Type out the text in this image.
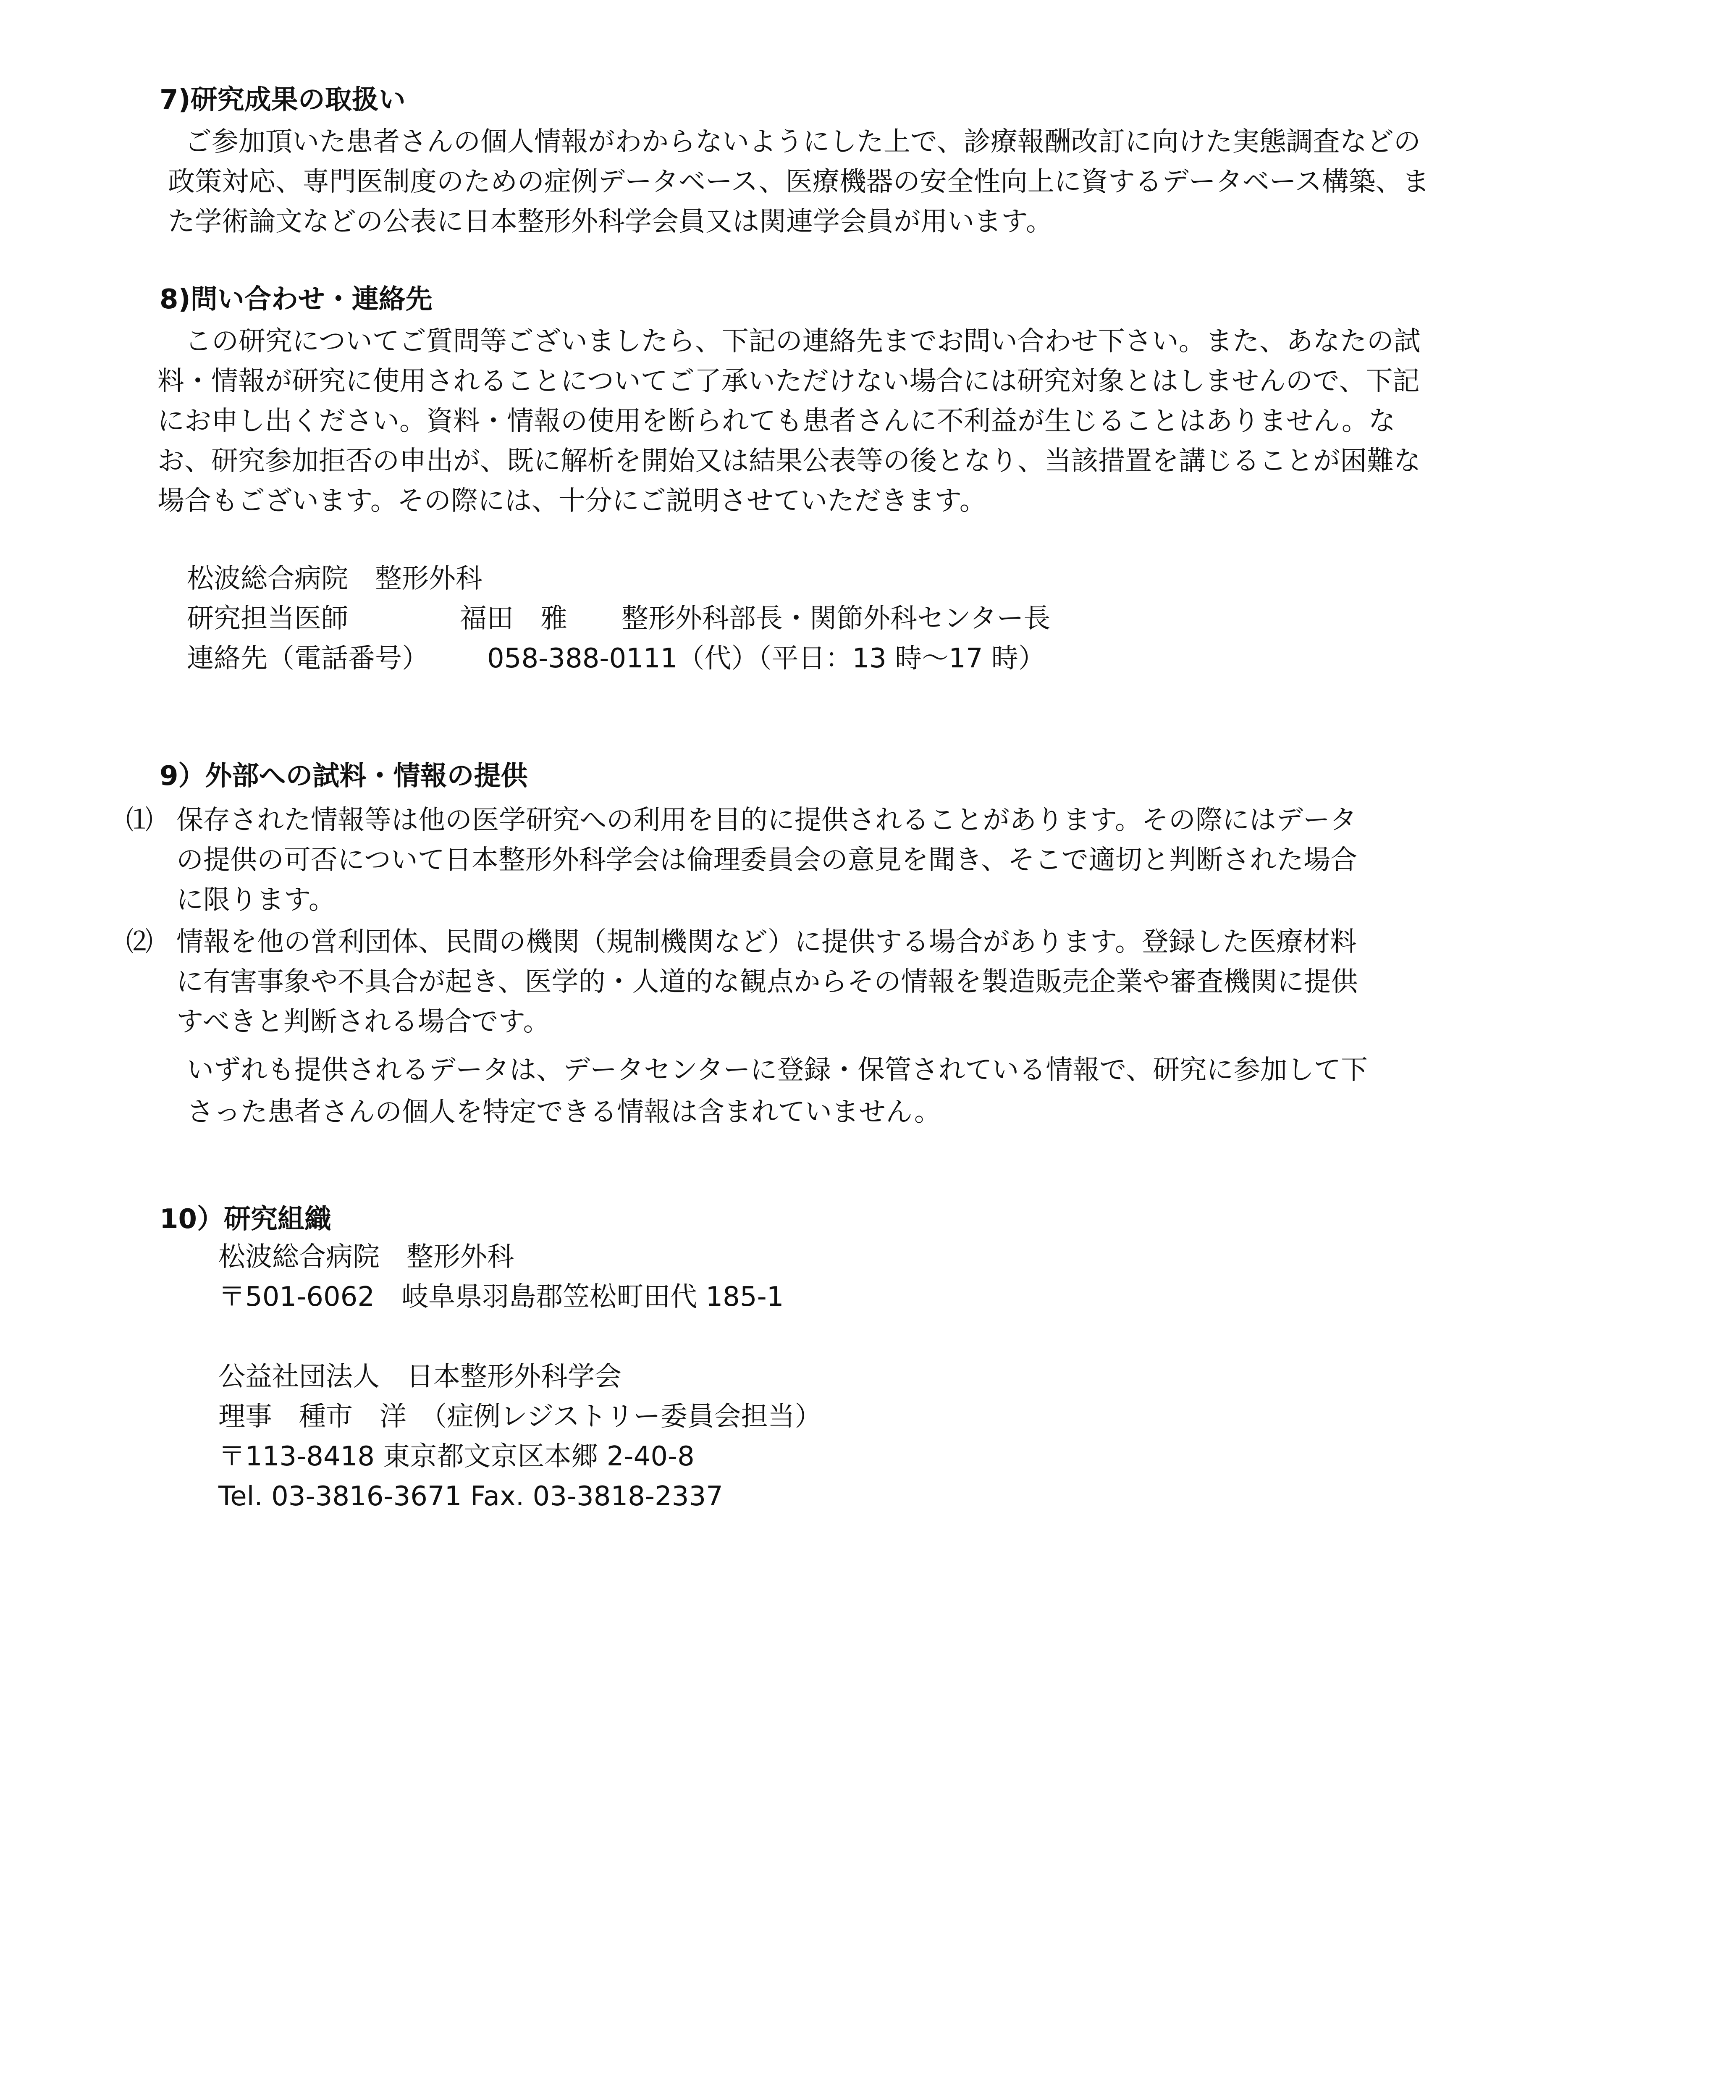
7)研究成果の取扱い
ご参加頂いた患者さんの個人情報がわからないようにした上で、診療報酬改訂に向けた実態調査などの
政策対応、専門医制度のための症例データベース、医療機器の安全性向上に資するデータベース構築、ま
た学術論文などの公表に日本整形外科学会員又は関連学会員が用います。
8)問い合わせ・連絡先
この研究についてご質問等ございましたら、下記の連絡先までお問い合わせ下さい。また、あなたの試
料・情報が研究に使用されることについてご了承いただけない場合には研究対象とはしませんので、下記
にお申し出ください。資料・情報の使用を断られても患者さんに不利益が生じることはありません。な
お、研究参加拒否の申出が、既に解析を開始又は結果公表等の後となり、当該措置を講じることが困難な
場合もございます。その際には、十分にご説明させていただきます。
松波総合病院　整形外科
研究担当医師	福田　雅 整形外科部長・関節外科センター長
連絡先（電話番号） 058-388-0111（代）（平日：13 時～17 時）
9）外部への試料・情報の提供
⑴ 保存された情報等は他の医学研究への利用を目的に提供されることがあります。その際にはデータ
の提供の可否について日本整形外科学会は倫理委員会の意見を聞き、そこで適切と判断された場合
に限ります。
⑵ 情報を他の営利団体、民間の機関（規制機関など）に提供する場合があります。登録した医療材料
に有害事象や不具合が起き、医学的・人道的な観点からその情報を製造販売企業や審査機関に提供
すべきと判断される場合です。
いずれも提供されるデータは、データセンターに登録・保管されている情報で、研究に参加して下
さった患者さんの個人を特定できる情報は含まれていません。
10）研究組織
松波総合病院　整形外科
〒501-6062　岐阜県羽島郡笠松町田代 185-1
公益社団法人　日本整形外科学会
理事　種市　洋　（症例レジストリー委員会担当）
〒113-8418 東京都文京区本郷 2-40-8
Tel. 03-3816-3671 Fax. 03-3818-2337
